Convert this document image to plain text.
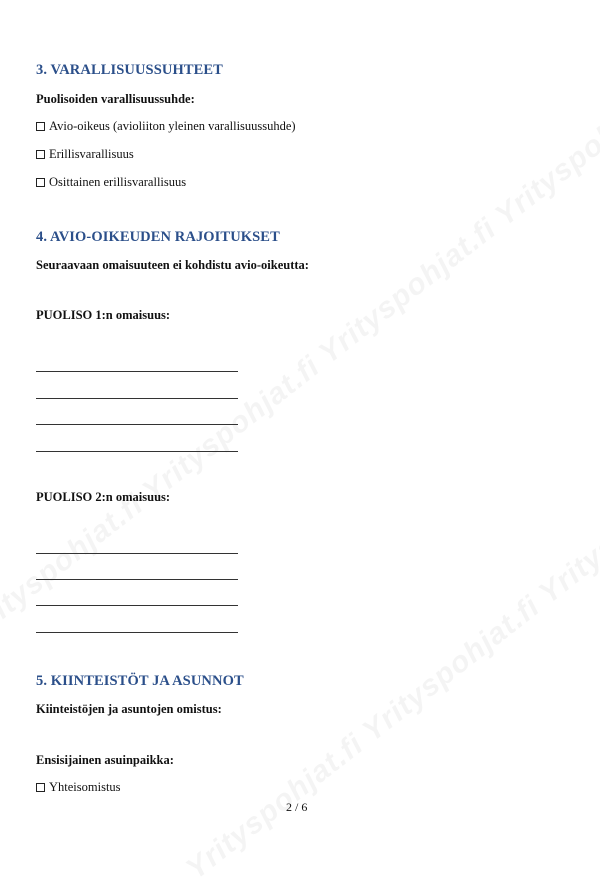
3. VARALLISUUSSUHTEET
Puolisoiden varallisuussuhde:
Avio-oikeus (avioliiton yleinen varallisuussuhde)
Erillisvarallisuus
Osittainen erillisvarallisuus
4. AVIO-OIKEUDEN RAJOITUKSET
Seuraavaan omaisuuteen ei kohdistu avio-oikeutta:
PUOLISO 1:n omaisuus:
PUOLISO 2:n omaisuus:
5. KIINTEISTÖT JA ASUNNOT
Kiinteistöjen ja asuntojen omistus:
Ensisijainen asuinpaikka:
Yhteisomistus
2 / 6
